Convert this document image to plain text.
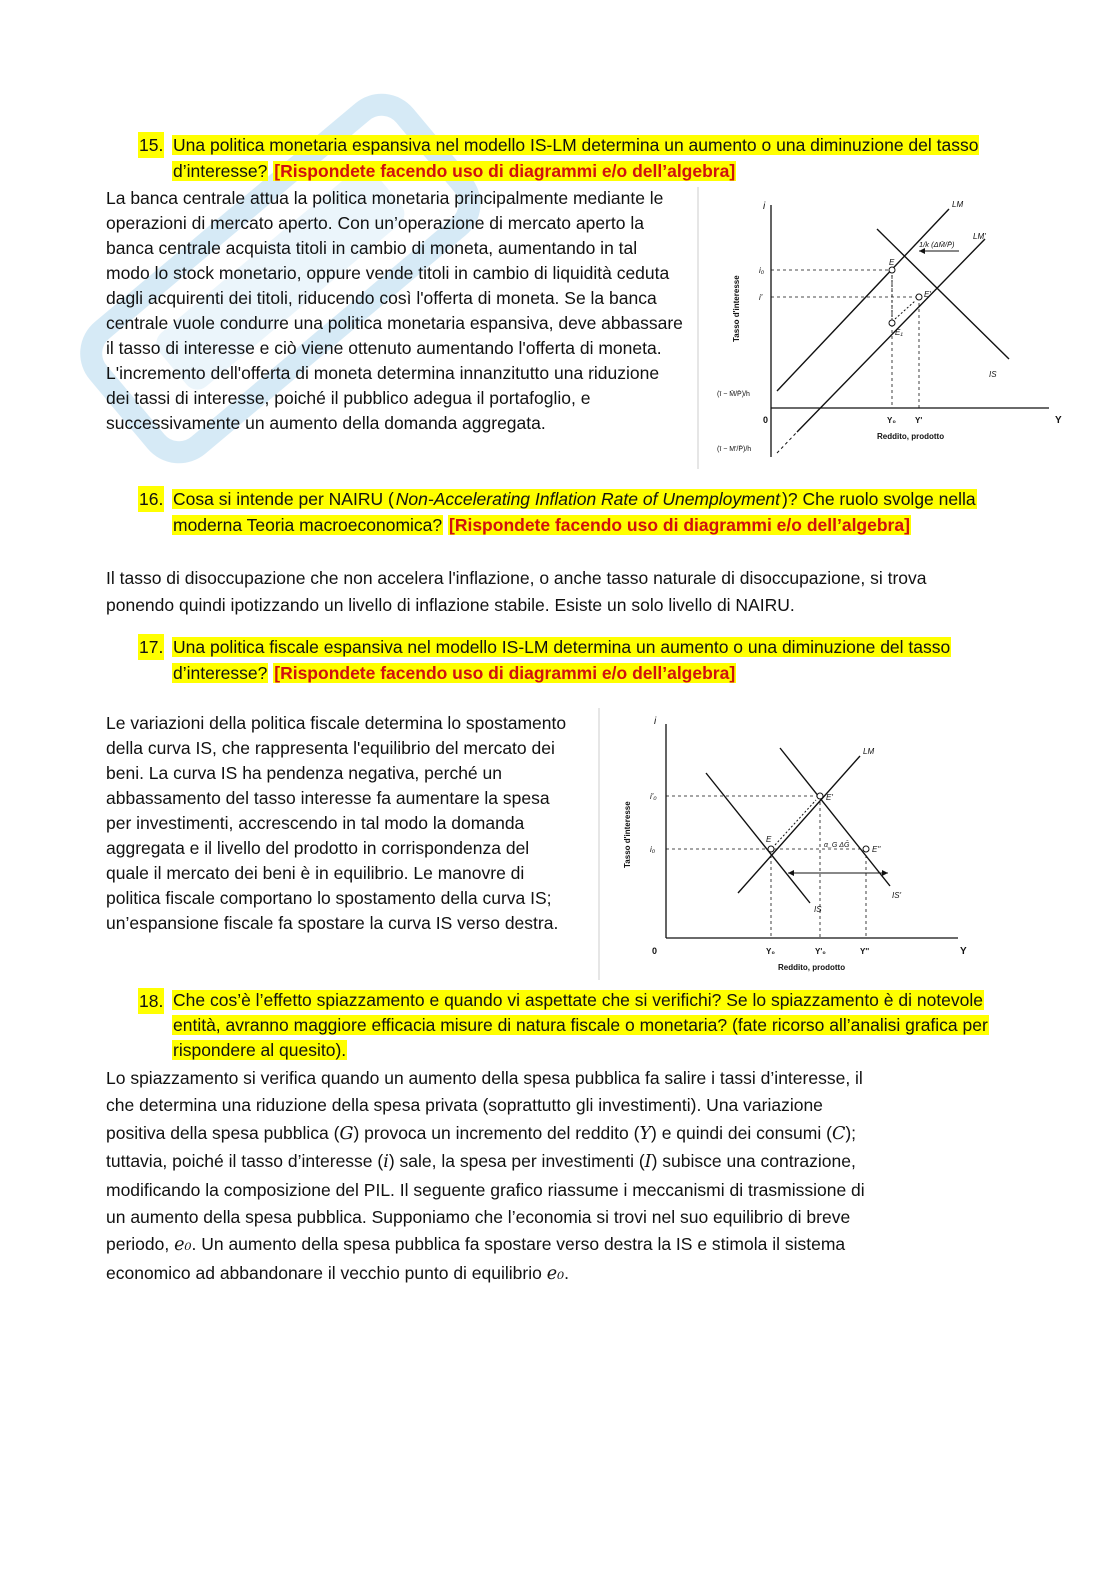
15. Una politica monetaria espansiva nel modello IS-LM determina un aumento o una diminuzione del tasso d’interesse? [Rispondete facendo uso di diagrammi e/o dell’algebra]

La banca centrale attua la politica monetaria principalmente mediante le operazioni di mercato aperto. Con un’operazione di mercato aperto la banca centrale acquista titoli in cambio di moneta, aumentando in tal modo lo stock monetario, oppure vende titoli in cambio di liquidità ceduta dagli acquirenti dei titoli, riducendo così l'offerta di moneta. Se la banca centrale vuole condurre una politica monetaria espansiva, deve abbassare il tasso di interesse e ciò viene ottenuto aumentando l'offerta di moneta. L'incremento dell'offerta di moneta determina innanzitutto una riduzione dei tassi di interesse, poiché il pubblico adegua il portafoglio, e successivamente un aumento della domanda aggregata.

i
Y
0
Tasso d'interesse
Reddito, prodotto
LM
LM'
IS
1/k (ΔM̄/P̄)
E
E'
E₁
i₀
i'
Y₀ Y'
(ī − M̄/P̄)/h
(ī − M'/P̄)/h
16. Cosa si intende per NAIRU ( Non-Accelerating Inflation Rate of Unemployment )? Che ruolo svolge nella moderna Teoria macroeconomica? [Rispondete facendo uso di diagrammi e/o dell’algebra]

Il tasso di disoccupazione che non accelera l'inflazione, o anche tasso naturale di disoccupazione, si trova

ponendo quindi ipotizzando un livello di inflazione stabile. Esiste un solo livello di NAIRU.

17. Una politica fiscale espansiva nel modello IS-LM determina un aumento o una diminuzione del tasso d’interesse? [Rispondete facendo uso di diagrammi e/o dell’algebra]

Le variazioni della politica fiscale determina lo spostamento della curva IS, che rappresenta l'equilibrio del mercato dei beni. La curva IS ha pendenza negativa, perché un abbassamento del tasso interesse fa aumentare la spesa per investimenti, accrescendo in tal modo la domanda aggregata e il livello del prodotto in corrispondenza del quale il mercato dei beni è in equilibrio. Le manovre di politica fiscale comportano lo spostamento della curva IS; un’espansione fiscale fa spostare la curva IS verso destra.

i
Y
0
Tasso d'interesse
Reddito, prodotto
LM
IS
IS'
E
E'
E''
α_G ΔḠ
i'₀
i₀
Y₀	Y'₀	Y''
18. Che cos’è l’effetto spiazzamento e quando vi aspettate che si verifichi? Se lo spiazzamento è di notevole entità, avranno maggiore efficacia misure di natura fiscale o monetaria? (fate ricorso all’analisi grafica per rispondere al quesito).

Lo spiazzamento si verifica quando un aumento della spesa pubblica fa salire i tassi d’interesse, il

che determina una riduzione della spesa privata (soprattutto gli investimenti). Una variazione

positiva della spesa pubblica (G) provoca un incremento del reddito (Y) e quindi dei consumi (C);

tuttavia, poiché il tasso d’interesse (i) sale, la spesa per investimenti (I) subisce una contrazione,

modificando la composizione del PIL. Il seguente grafico riassume i meccanismi di trasmissione di

un aumento della spesa pubblica. Supponiamo che l’economia si trovi nel suo equilibrio di breve

periodo, e₀. Un aumento della spesa pubblica fa spostare verso destra la IS e stimola il sistema

economico ad abbandonare il vecchio punto di equilibrio e₀.
